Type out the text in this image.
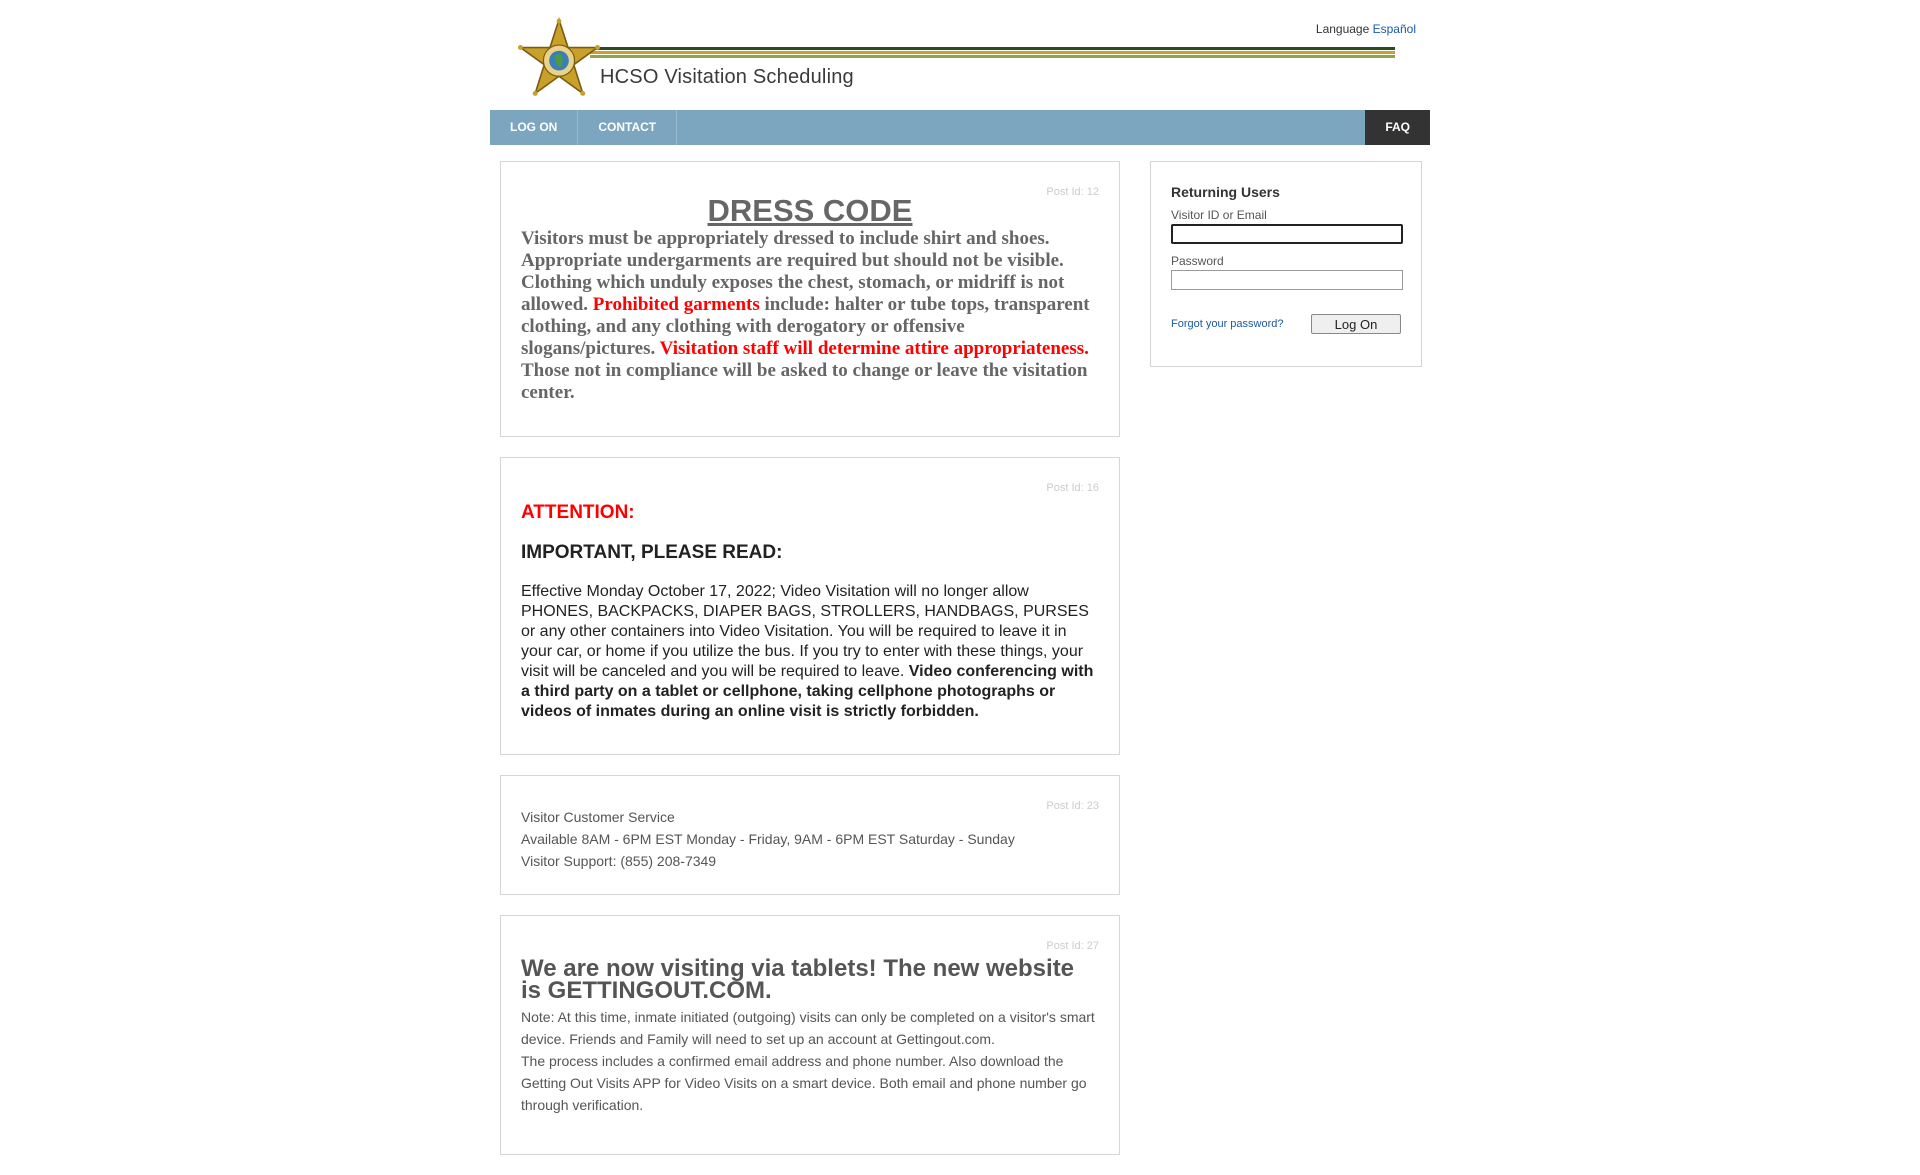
Language Español
HCSO Visitation Scheduling
LOG ON	CONTACT	FAQ
Post Id: 12
DRESS CODE

Visitors must be appropriately dressed to include shirt and shoes. Appropriate undergarments are required but should not be visible. Clothing which unduly exposes the chest, stomach, or midriff is not allowed. Prohibited garments include: halter or tube tops, transparent clothing, and any clothing with derogatory or offensive slogans/pictures. Visitation staff will determine attire appropriateness. Those not in compliance will be asked to change or leave the visitation center.

Post Id: 16
ATTENTION:
IMPORTANT, PLEASE READ:
Effective Monday October 17, 2022; Video Visitation will no longer allow PHONES, BACKPACKS, DIAPER BAGS, STROLLERS, HANDBAGS, PURSES or any other containers into Video Visitation. You will be required to leave it in your car, or home if you utilize the bus. If you try to enter with these things, your visit will be canceled and you will be required to leave. Video conferencing with a third party on a tablet or cellphone, taking cellphone photographs or videos of inmates during an online visit is strictly forbidden.
Post Id: 23
Visitor Customer Service
Available 8AM - 6PM EST Monday - Friday, 9AM - 6PM EST Saturday - Sunday
Visitor Support: (855) 208-7349
Post Id: 27
We are now visiting via tablets! The new website is GETTINGOUT.COM.
Note: At this time, inmate initiated (outgoing) visits can only be completed on a visitor's smart device. Friends and Family will need to set up an account at Gettingout.com.
The process includes a confirmed email address and phone number. Also download the Getting Out Visits APP for Video Visits on a smart device. Both email and phone number go through verification.
Returning Users
Visitor ID or Email
Password
Forgot your password?	Log On
